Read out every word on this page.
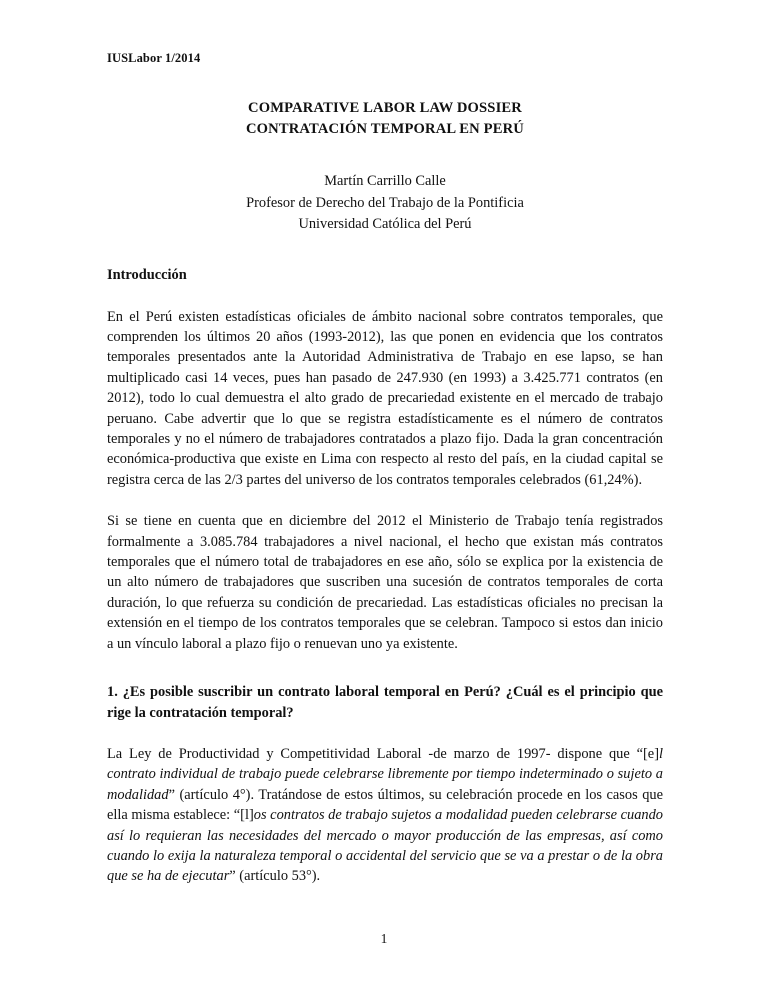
IUSLabor 1/2014
COMPARATIVE LABOR LAW DOSSIER
CONTRATACIÓN TEMPORAL EN PERÚ
Martín Carrillo Calle
Profesor de Derecho del Trabajo de la Pontificia
Universidad Católica del Perú
Introducción

En el Perú existen estadísticas oficiales de ámbito nacional sobre contratos temporales, que comprenden los últimos 20 años (1993-2012), las que ponen en evidencia que los contratos temporales presentados ante la Autoridad Administrativa de Trabajo en ese lapso, se han multiplicado casi 14 veces, pues han pasado de 247.930 (en 1993) a 3.425.771 contratos (en 2012), todo lo cual demuestra el alto grado de precariedad existente en el mercado de trabajo peruano. Cabe advertir que lo que se registra estadísticamente es el número de contratos temporales y no el número de trabajadores contratados a plazo fijo. Dada la gran concentración económica-productiva que existe en Lima con respecto al resto del país, en la ciudad capital se registra cerca de las 2/3 partes del universo de los contratos temporales celebrados (61,24%).

Si se tiene en cuenta que en diciembre del 2012 el Ministerio de Trabajo tenía registrados formalmente a 3.085.784 trabajadores a nivel nacional, el hecho que existan más contratos temporales que el número total de trabajadores en ese año, sólo se explica por la existencia de un alto número de trabajadores que suscriben una sucesión de contratos temporales de corta duración, lo que refuerza su condición de precariedad. Las estadísticas oficiales no precisan la extensión en el tiempo de los contratos temporales que se celebran. Tampoco si estos dan inicio a un vínculo laboral a plazo fijo o renuevan uno ya existente.

1. ¿Es posible suscribir un contrato laboral temporal en Perú? ¿Cuál es el principio que rige la contratación temporal?

La Ley de Productividad y Competitividad Laboral -de marzo de 1997- dispone que “[e]l contrato individual de trabajo puede celebrarse libremente por tiempo indeterminado o sujeto a modalidad” (artículo 4°). Tratándose de estos últimos, su celebración procede en los casos que ella misma establece: “[l]os contratos de trabajo sujetos a modalidad pueden celebrarse cuando así lo requieran las necesidades del mercado o mayor producción de las empresas, así como cuando lo exija la naturaleza temporal o accidental del servicio que se va a prestar o de la obra que se ha de ejecutar” (artículo 53°).

1
